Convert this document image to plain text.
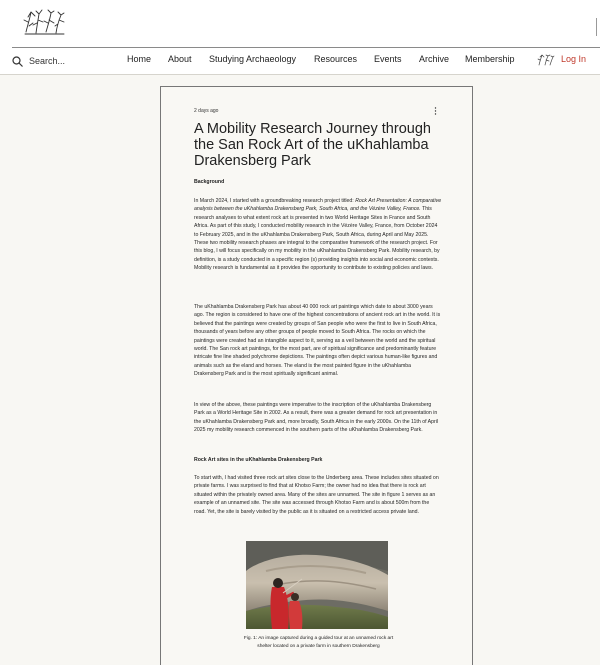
Search...
Home About Studying Archaeology Resources Events Archive Membership	Log In
2 days ago
A Mobility Research Journey through the San Rock Art of the uKhahlamba Drakensberg Park
Background

In March 2024, I started with a groundbreaking research project titled: Rock Art Presentation: A comparative analysis between the uKhahlamba Drakensberg Park, South Africa, and the Vézère Valley, France. This research analyses to what extent rock art is presented in two World Heritage Sites in France and South Africa. As part of this study, I conducted mobility research in the Vézère Valley, France, from October 2024 to February 2025, and in the uKhahlamba Drakensberg Park, South Africa, during April and May 2025. These two mobility research phases are integral to the comparative framework of the research project. For this blog, I will focus specifically on my mobility in the uKhahlamba Drakensberg Park. Mobility research, by definition, is a study conducted in a specific region (s) providing insights into social and economic contexts. Mobility research is fundamental as it provides the opportunity to contribute to existing policies and laws.

The uKhahlamba Drakensberg Park has about 40 000 rock art paintings which date to about 3000 years ago. The region is considered to have one of the highest concentrations of ancient rock art in the world. It is believed that the paintings were created by groups of San people who were the first to live in South Africa, thousands of years before any other groups of people moved to South Africa. The rocks on which the paintings were created had an intangible aspect to it, serving as a veil between the world and the spiritual world. The San rock art paintings, for the most part, are of spiritual significance and predominantly feature intricate fine line shaded polychrome depictions. The paintings often depict various human-like figures and animals such as the eland and horses. The eland is the most painted figure in the uKhahlamba Drakensberg Park and is the most spiritually significant animal.

In view of the above, these paintings were imperative to the inscription of the uKhahlamba Drakensberg Park as a World Heritage Site in 2002. As a result, there was a greater demand for rock art presentation in the uKhahlamba Drakensberg Park and, more broadly, South Africa in the early 2000s. On the 11th of April 2025 my mobility research commenced in the southern parts of the uKhahlamba Drakensberg Park.

Rock Art sites in the uKhahlamba Drakensberg Park

To start with, I had visited three rock art sites close to the Underberg area. These includes sites situated on private farms. I was surprised to find that at Khotso Farm; the owner had no idea that there is rock art situated within the privately owned area. Many of the sites are unnamed. The site in figure 1 serves as an example of an unnamed site. The site was accessed through Khotso Farm and is about 500m from the road. Yet, the site is barely visited by the public as it is situated on a restricted access private land.

Fig. 1: An image captured during a guided tour at an unnamed rock art shelter located on a private farm in southern Drakensberg
